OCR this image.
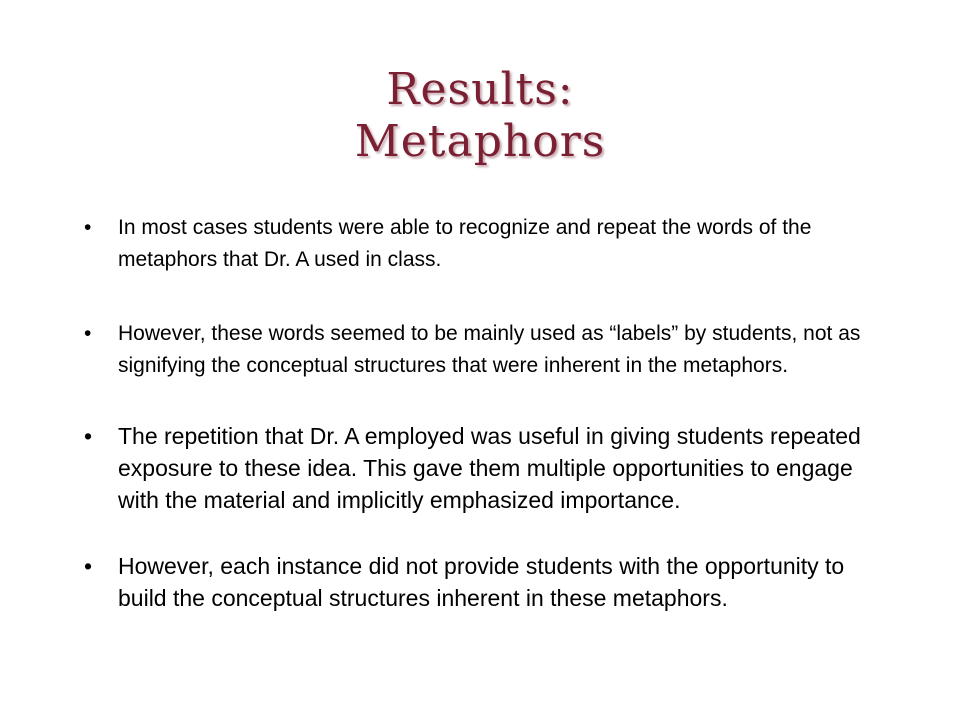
Results:
Metaphors
• In most cases students were able to recognize and repeat the words of the metaphors that Dr. A used in class.
• However, these words seemed to be mainly used as “labels” by students, not as signifying the conceptual structures that were inherent in the metaphors.
• The repetition that Dr. A employed was useful in giving students repeated exposure to these idea. This gave them multiple opportunities to engage with the material and implicitly emphasized importance.
• However, each instance did not provide students with the opportunity to build the conceptual structures inherent in these metaphors.
